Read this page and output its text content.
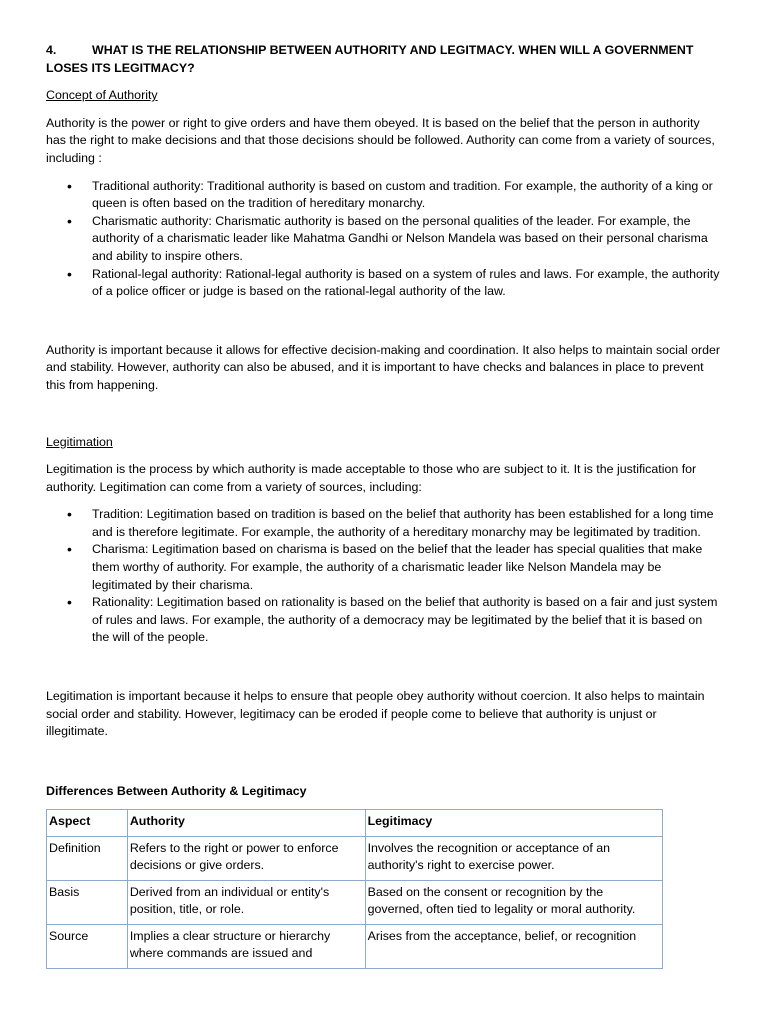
4.	WHAT IS THE RELATIONSHIP BETWEEN AUTHORITY AND LEGITMACY. WHEN WILL A GOVERNMENT LOSES ITS LEGITMACY?

Concept of Authority

Authority is the power or right to give orders and have them obeyed. It is based on the belief that the person in authority has the right to make decisions and that those decisions should be followed. Authority can come from a variety of sources, including :

• Traditional authority: Traditional authority is based on custom and tradition. For example, the authority of a king or queen is often based on the tradition of hereditary monarchy.
• Charismatic authority: Charismatic authority is based on the personal qualities of the leader. For example, the authority of a charismatic leader like Mahatma Gandhi or Nelson Mandela was based on their personal charisma and ability to inspire others.
• Rational-legal authority: Rational-legal authority is based on a system of rules and laws. For example, the authority of a police officer or judge is based on the rational-legal authority of the law.

Authority is important because it allows for effective decision-making and coordination. It also helps to maintain social order and stability. However, authority can also be abused, and it is important to have checks and balances in place to prevent this from happening.

Legitimation

Legitimation is the process by which authority is made acceptable to those who are subject to it. It is the justification for authority. Legitimation can come from a variety of sources, including:

• Tradition: Legitimation based on tradition is based on the belief that authority has been established for a long time and is therefore legitimate. For example, the authority of a hereditary monarchy may be legitimated by tradition.
• Charisma: Legitimation based on charisma is based on the belief that the leader has special qualities that make them worthy of authority. For example, the authority of a charismatic leader like Nelson Mandela may be legitimated by their charisma.
• Rationality: Legitimation based on rationality is based on the belief that authority is based on a fair and just system of rules and laws. For example, the authority of a democracy may be legitimated by the belief that it is based on the will of the people.

Legitimation is important because it helps to ensure that people obey authority without coercion. It also helps to maintain social order and stability. However, legitimacy can be eroded if people come to believe that authority is unjust or illegitimate.

Differences Between Authority & Legitimacy

Aspect	Authority	Legitimacy
Definition	Refers to the right or power to enforce decisions or give orders.	Involves the recognition or acceptance of an authority's right to exercise power.
Basis	Derived from an individual or entity's position, title, or role.	Based on the consent or recognition by the governed, often tied to legality or moral authority.
Source	Implies a clear structure or hierarchy where commands are issued and	Arises from the acceptance, belief, or recognition
